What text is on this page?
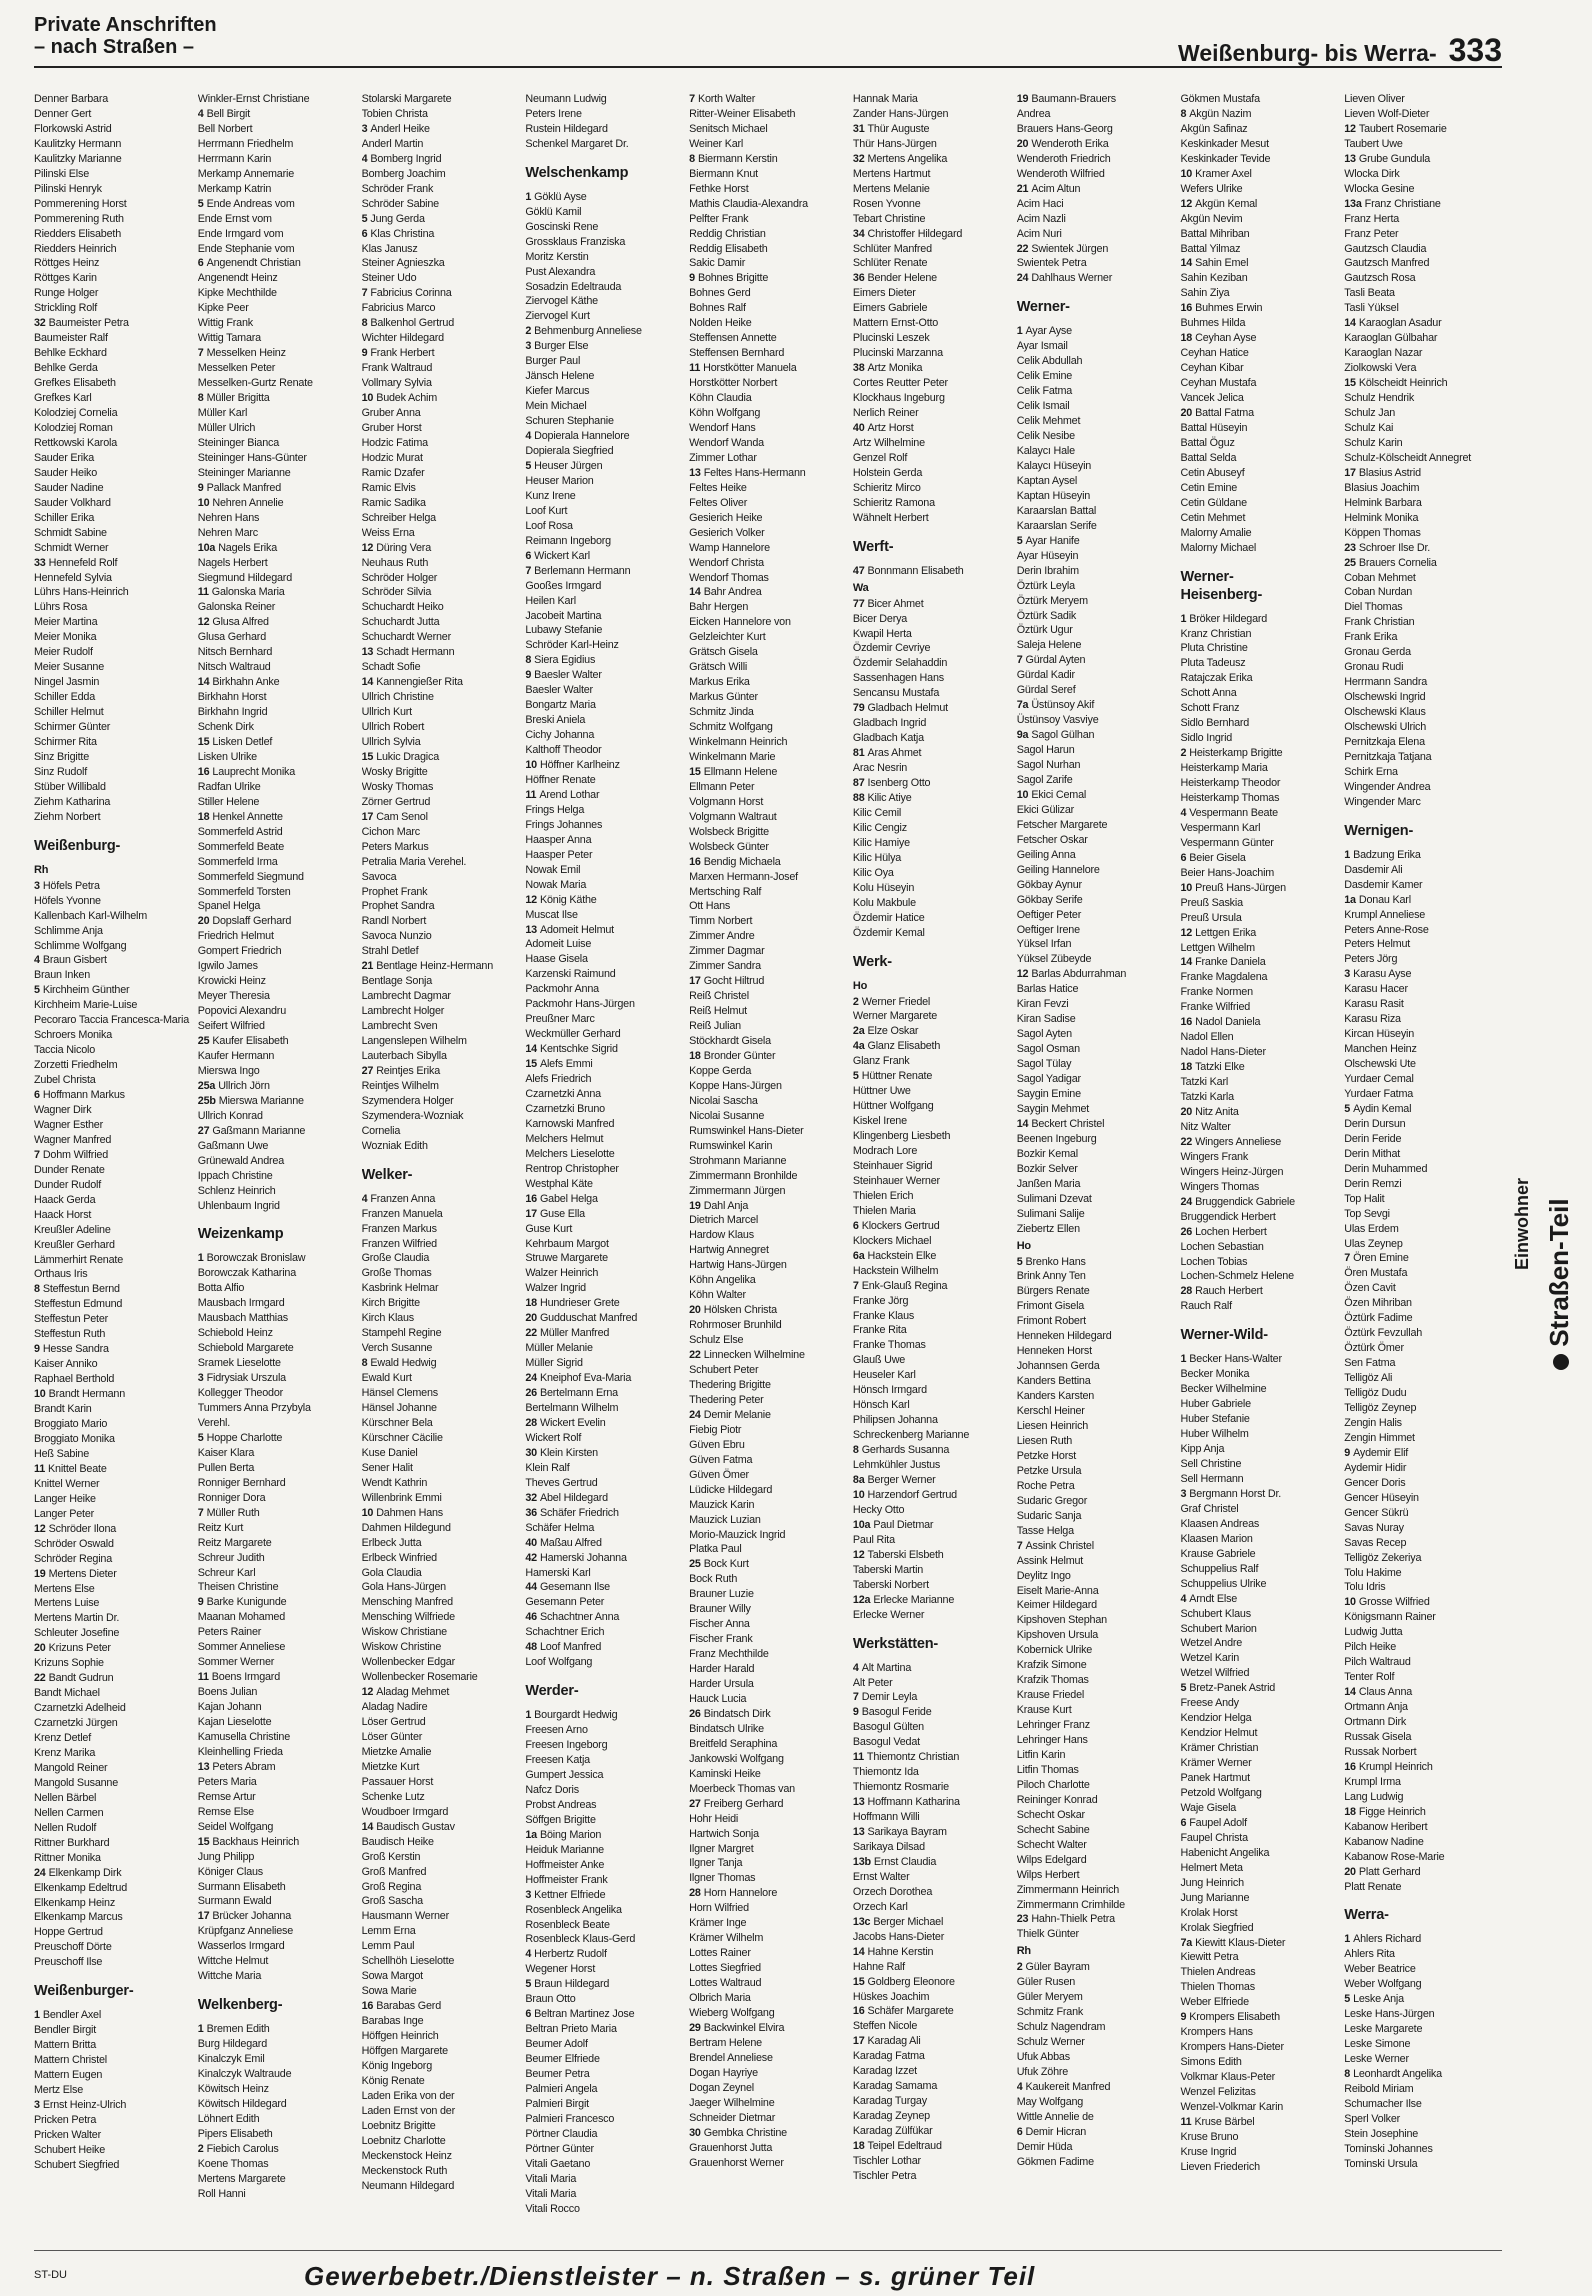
Private Anschriften
– nach Straßen –	Weißenburg- bis Werra- 333
Denner Barbara
Denner Gert
Florkowski Astrid
Kaulitzky Hermann
Kaulitzky Marianne
Pilinski Else
Pilinski Henryk
Pommerening Horst
Pommerening Ruth
Riedders Elisabeth
Riedders Heinrich
Röttges Heinz
Röttges Karin
Runge Holger
Strickling Rolf
32 Baumeister Petra
Baumeister Ralf
Behlke Eckhard
Behlke Gerda
Grefkes Elisabeth
Grefkes Karl
Kolodziej Cornelia
Kolodziej Roman
Rettkowski Karola
Sauder Erika
Sauder Heiko
Sauder Nadine
Sauder Volkhard
Schiller Erika
Schmidt Sabine
Schmidt Werner
33 Hennefeld Rolf
Hennefeld Sylvia
Lührs Hans-Heinrich
Lührs Rosa
Meier Martina
Meier Monika
Meier Rudolf
Meier Susanne
Ningel Jasmin
Schiller Edda
Schiller Helmut
Schirmer Günter
Schirmer Rita
Sinz Brigitte
Sinz Rudolf
Stüber Willibald
Ziehm Katharina
Ziehm Norbert
Weißenburg-
Rh
3 Höfels Petra
Höfels Yvonne
Kallenbach Karl-Wilhelm
Schlimme Anja
Schlimme Wolfgang
4 Braun Gisbert
Braun Inken
5 Kirchheim Günther
Kirchheim Marie-Luise
Pecoraro Taccia Francesca-Maria
Schroers Monika
Taccia Nicolo
Zorzetti Friedhelm
Zubel Christa
6 Hoffmann Markus
Wagner Dirk
Wagner Esther
Wagner Manfred
7 Dohm Wilfried
Dunder Renate
Dunder Rudolf
Haack Gerda
Haack Horst
Kreußler Adeline
Kreußler Gerhard
Lämmerhirt Renate
Orthaus Iris
8 Steffestun Bernd
Steffestun Edmund
Steffestun Peter
Steffestun Ruth
9 Hesse Sandra
Kaiser Anniko
Raphael Berthold
10 Brandt Hermann
Brandt Karin
Broggiato Mario
Broggiato Monika
Heß Sabine
11 Knittel Beate
Knittel Werner
Langer Heike
Langer Peter
12 Schröder Ilona
Schröder Oswald
Schröder Regina
19 Mertens Dieter
Mertens Else
Mertens Luise
Mertens Martin Dr.
Schleuter Josefine
20 Krizuns Peter
Krizuns Sophie
22 Bandt Gudrun
Bandt Michael
Czarnetzki Adelheid
Czarnetzki Jürgen
Krenz Detlef
Krenz Marika
Mangold Reiner
Mangold Susanne
Nellen Bärbel
Nellen Carmen
Nellen Rudolf
Rittner Burkhard
Rittner Monika
24 Elkenkamp Dirk
Elkenkamp Edeltrud
Elkenkamp Heinz
Elkenkamp Marcus
Hoppe Gertrud
Preuschoff Dörte
Preuschoff Ilse
Weißenburger-
1 Bendler Axel
Bendler Birgit
Mattern Britta
Mattern Christel
Mattern Eugen
Mertz Else
3 Ernst Heinz-Ulrich
Pricken Petra
Pricken Walter
Schubert Heike
Schubert Siegfried
Winkler-Ernst Christiane
4 Bell Birgit
Bell Norbert
Herrmann Friedhelm
Herrmann Karin
Merkamp Annemarie
Merkamp Katrin
5 Ende Andreas vom
Ende Ernst vom
Ende Irmgard vom
Ende Stephanie vom
6 Angenendt Christian
Angenendt Heinz
Kipke Mechthilde
Kipke Peer
Wittig Frank
Wittig Tamara
7 Messelken Heinz
Messelken Peter
Messelken-Gurtz Renate
8 Müller Brigitta
Müller Karl
Müller Ulrich
Steininger Bianca
Steininger Hans-Günter
Steininger Marianne
9 Pallack Manfred
10 Nehren Annelie
Nehren Hans
Nehren Marc
10a Nagels Erika
Nagels Herbert
Siegmund Hildegard
11 Galonska Maria
Galonska Reiner
12 Glusa Alfred
Glusa Gerhard
Nitsch Bernhard
Nitsch Waltraud
14 Birkhahn Anke
Birkhahn Horst
Birkhahn Ingrid
Schenk Dirk
15 Lisken Detlef
Lisken Ulrike
16 Lauprecht Monika
Radfan Ulrike
Stiller Helene
18 Henkel Annette
Sommerfeld Astrid
Sommerfeld Beate
Sommerfeld Irma
Sommerfeld Siegmund
Sommerfeld Torsten
Spanel Helga
20 Dopslaff Gerhard
Friedrich Helmut
Gompert Friedrich
Igwilo James
Krowicki Heinz
Meyer Theresia
Popovici Alexandru
Seifert Wilfried
25 Kaufer Elisabeth
Kaufer Hermann
Mierswa Ingo
25a Ullrich Jörn
25b Mierswa Marianne
Ullrich Konrad
27 Gaßmann Marianne
Gaßmann Uwe
Grünewald Andrea
Ippach Christine
Schlenz Heinrich
Uhlenbaum Ingrid
Weizenkamp
1 Borowczak Bronislaw
Borowczak Katharina
Botta Alfio
Mausbach Irmgard
Mausbach Matthias
Schiebold Heinz
Schiebold Margarete
Sramek Lieselotte
3 Fidrysiak Urszula
Kollegger Theodor
Tummers Anna Przybyla
Verehl.
5 Hoppe Charlotte
Kaiser Klara
Pullen Berta
Ronniger Bernhard
Ronniger Dora
7 Müller Ruth
Reitz Kurt
Reitz Margarete
Schreur Judith
Schreur Karl
Theisen Christine
9 Barke Kunigunde
Maanan Mohamed
Peters Rainer
Sommer Anneliese
Sommer Werner
11 Boens Irmgard
Boens Julian
Kajan Johann
Kajan Lieselotte
Kamusella Christine
Kleinhelling Frieda
13 Peters Abram
Peters Maria
Remse Artur
Remse Else
Seidel Wolfgang
15 Backhaus Heinrich
Jung Philipp
Königer Claus
Surmann Elisabeth
Surmann Ewald
17 Brücker Johanna
Krüpfganz Anneliese
Wasserlos Irmgard
Wittche Helmut
Wittche Maria
Welkenberg-
1 Bremen Edith
Burg Hildegard
Kinalczyk Emil
Kinalczyk Waltraude
Köwitsch Heinz
Köwitsch Hildegard
Löhnert Edith
Pipers Elisabeth
2 Fiebich Carolus
Koene Thomas
Mertens Margarete
Roll Hanni
Stolarski Margarete
Tobien Christa
3 Anderl Heike
Anderl Martin
4 Bomberg Ingrid
Bomberg Joachim
Schröder Frank
Schröder Sabine
5 Jung Gerda
6 Klas Christina
Klas Janusz
Steiner Agnieszka
Steiner Udo
7 Fabricius Corinna
Fabricius Marco
8 Balkenhol Gertrud
Wichter Hildegard
9 Frank Herbert
Frank Waltraud
Vollmary Sylvia
10 Budek Achim
Gruber Anna
Gruber Horst
Hodzic Fatima
Hodzic Murat
Ramic Dzafer
Ramic Elvis
Ramic Sadika
Schreiber Helga
Weiss Erna
12 Düring Vera
Neuhaus Ruth
Schröder Holger
Schröder Silvia
Schuchardt Heiko
Schuchardt Jutta
Schuchardt Werner
13 Schadt Hermann
Schadt Sofie
14 Kannengießer Rita
Ullrich Christine
Ullrich Kurt
Ullrich Robert
Ullrich Sylvia
15 Lukic Dragica
Wosky Brigitte
Wosky Thomas
Zörner Gertrud
17 Cam Senol
Cichon Marc
Peters Markus
Petralia Maria Verehel.
Savoca
Prophet Frank
Prophet Sandra
Randl Norbert
Savoca Nunzio
Strahl Detlef
21 Bentlage Heinz-Hermann
Bentlage Sonja
Lambrecht Dagmar
Lambrecht Holger
Lambrecht Sven
Langenslepen Wilhelm
Lauterbach Sibylla
27 Reintjes Erika
Reintjes Wilhelm
Szymendera Holger
Szymendera-Wozniak
Cornelia
Wozniak Edith
Welker-
4 Franzen Anna
Franzen Manuela
Franzen Markus
Franzen Wilfried
Große Claudia
Große Thomas
Kasbrink Helmar
Kirch Brigitte
Kirch Klaus
Stampehl Regine
Verch Susanne
8 Ewald Hedwig
Ewald Kurt
Hänsel Clemens
Hänsel Johanne
Kürschner Bela
Kürschner Cäcilie
Kuse Daniel
Sener Halit
Wendt Kathrin
Willenbrink Emmi
10 Dahmen Hans
Dahmen Hildegund
Erlbeck Jutta
Erlbeck Winfried
Gola Claudia
Gola Hans-Jürgen
Mensching Manfred
Mensching Wilfriede
Wiskow Christiane
Wiskow Christine
Wollenbecker Edgar
Wollenbecker Rosemarie
12 Aladag Mehmet
Aladag Nadire
Löser Gertrud
Löser Günter
Mietzke Amalie
Mietzke Kurt
Passauer Horst
Schenke Lutz
Woudboer Irmgard
14 Baudisch Gustav
Baudisch Heike
Groß Kerstin
Groß Manfred
Groß Regina
Groß Sascha
Hausmann Werner
Lemm Erna
Lemm Paul
Schellhöh Lieselotte
Sowa Margot
Sowa Marie
16 Barabas Gerd
Barabas Inge
Höffgen Heinrich
Höffgen Margarete
König Ingeborg
König Renate
Laden Erika von der
Laden Ernst von der
Loebnitz Brigitte
Loebnitz Charlotte
Meckenstock Heinz
Meckenstock Ruth
Neumann Hildegard
Neumann Ludwig
Peters Irene
Rustein Hildegard
Schenkel Margaret Dr.
Welschenkamp
1 Göklü Ayse
Göklü Kamil
Goscinski Rene
Grossklaus Franziska
Moritz Kerstin
Pust Alexandra
Sosadzin Edeltrauda
Ziervogel Käthe
Ziervogel Kurt
2 Behmenburg Anneliese
3 Burger Else
Burger Paul
Jänsch Helene
Kiefer Marcus
Mein Michael
Schuren Stephanie
4 Dopierala Hannelore
Dopierala Siegfried
5 Heuser Jürgen
Heuser Marion
Kunz Irene
Loof Kurt
Loof Rosa
Reimann Ingeborg
6 Wickert Karl
7 Berlemann Hermann
Gooßes Irmgard
Heilen Karl
Jacobeit Martina
Lubawy Stefanie
Schröder Karl-Heinz
8 Siera Egidius
9 Baesler Walter
Baesler Walter
Bongartz Maria
Breski Aniela
Cichy Johanna
Kalthoff Theodor
10 Höffner Karlheinz
Höffner Renate
11 Arend Lothar
Frings Helga
Frings Johannes
Haasper Anna
Haasper Peter
Nowak Emil
Nowak Maria
12 König Käthe
Muscat Ilse
13 Adomeit Helmut
Adomeit Luise
Haase Gisela
Karzenski Raimund
Packmohr Anna
Packmohr Hans-Jürgen
Preußner Marc
Weckmüller Gerhard
14 Kentschke Sigrid
15 Alefs Emmi
Alefs Friedrich
Czarnetzki Anna
Czarnetzki Bruno
Karnowski Manfred
Melchers Helmut
Melchers Lieselotte
Rentrop Christopher
Westphal Käte
16 Gabel Helga
17 Guse Ella
Guse Kurt
Kehrbaum Margot
Struwe Margarete
Walzer Heinrich
Walzer Ingrid
18 Hundrieser Grete
20 Gudduschat Manfred
22 Müller Manfred
Müller Melanie
Müller Sigrid
24 Kneiphof Eva-Maria
26 Bertelmann Erna
Bertelmann Wilhelm
28 Wickert Evelin
Wickert Rolf
30 Klein Kirsten
Klein Ralf
Theves Gertrud
32 Abel Hildegard
36 Schäfer Friedrich
Schäfer Helma
40 Maßau Alfred
42 Hamerski Johanna
Hamerski Karl
44 Gesemann Ilse
Gesemann Peter
46 Schachtner Anna
Schachtner Erich
48 Loof Manfred
Loof Wolfgang
Werder-
1 Bourgardt Hedwig
Freesen Arno
Freesen Ingeborg
Freesen Katja
Gumpert Jessica
Nafcz Doris
Probst Andreas
Söffgen Brigitte
1a Böing Marion
Heiduk Marianne
Hoffmeister Anke
Hoffmeister Frank
3 Kettner Elfriede
Rosenbleck Angelika
Rosenbleck Beate
Rosenbleck Klaus-Gerd
4 Herbertz Rudolf
Wegener Horst
5 Braun Hildegard
Braun Otto
6 Beltran Martinez Jose
Beltran Prieto Maria
Beumer Adolf
Beumer Elfriede
Beumer Petra
Palmieri Angela
Palmieri Birgit
Palmieri Francesco
Pörtner Claudia
Pörtner Günter
Vitali Gaetano
Vitali Maria
Vitali Maria
Vitali Rocco
7 Korth Walter
Ritter-Weiner Elisabeth
Senitsch Michael
Weiner Karl
8 Biermann Kerstin
Biermann Knut
Fethke Horst
Mathis Claudia-Alexandra
Pelfter Frank
Reddig Christian
Reddig Elisabeth
Sakic Damir
9 Bohnes Brigitte
Bohnes Gerd
Bohnes Ralf
Nolden Heike
Steffensen Annette
Steffensen Bernhard
11 Horstkötter Manuela
Horstkötter Norbert
Köhn Claudia
Köhn Wolfgang
Wendorf Hans
Wendorf Wanda
Zimmer Lothar
13 Feltes Hans-Hermann
Feltes Heike
Feltes Oliver
Gesierich Heike
Gesierich Volker
Wamp Hannelore
Wendorf Christa
Wendorf Thomas
14 Bahr Andrea
Bahr Hergen
Eicken Hannelore von
Gelzleichter Kurt
Grätsch Gisela
Grätsch Willi
Markus Erika
Markus Günter
Schmitz Jinda
Schmitz Wolfgang
Winkelmann Heinrich
Winkelmann Marie
15 Ellmann Helene
Ellmann Peter
Volgmann Horst
Volgmann Waltraut
Wolsbeck Brigitte
Wolsbeck Günter
16 Bendig Michaela
Marxen Hermann-Josef
Mertsching Ralf
Ott Hans
Timm Norbert
Zimmer Andre
Zimmer Dagmar
Zimmer Sandra
17 Gocht Hiltrud
Reiß Christel
Reiß Helmut
Reiß Julian
Stöckhardt Gisela
18 Bronder Günter
Koppe Gerda
Koppe Hans-Jürgen
Nicolai Sascha
Nicolai Susanne
Rumswinkel Hans-Dieter
Rumswinkel Karin
Strohmann Marianne
Zimmermann Bronhilde
Zimmermann Jürgen
19 Dahl Anja
Dietrich Marcel
Hardow Klaus
Hartwig Annegret
Hartwig Hans-Jürgen
Köhn Angelika
Köhn Walter
20 Hölsken Christa
Rohrmoser Brunhild
Schulz Else
22 Linnecken Wilhelmine
Schubert Peter
Thedering Brigitte
Thedering Peter
24 Demir Melanie
Fiebig Piotr
Güven Ebru
Güven Fatma
Güven Ömer
Lüdicke Hildegard
Mauzick Karin
Mauzick Luzian
Morio-Mauzick Ingrid
Platka Paul
25 Bock Kurt
Bock Ruth
Brauner Luzie
Brauner Willy
Fischer Anna
Fischer Frank
Franz Mechthilde
Harder Harald
Harder Ursula
Hauck Lucia
26 Bindatsch Dirk
Bindatsch Ulrike
Breitfeld Seraphina
Jankowski Wolfgang
Kaminski Heike
Moerbeck Thomas van
27 Freiberg Gerhard
Hohr Heidi
Hartwich Sonja
Ilgner Margret
Ilgner Tanja
Ilgner Thomas
28 Horn Hannelore
Horn Wilfried
Krämer Inge
Krämer Wilhelm
Lottes Rainer
Lottes Siegfried
Lottes Waltraud
Olbrich Maria
Wieberg Wolfgang
29 Backwinkel Elvira
Bertram Helene
Brendel Anneliese
Dogan Hayriye
Dogan Zeynel
Jaeger Wilhelmine
Schneider Dietmar
30 Gembka Christine
Grauenhorst Jutta
Grauenhorst Werner
Hannak Maria
Zander Hans-Jürgen
31 Thür Auguste
Thür Hans-Jürgen
32 Mertens Angelika
Mertens Hartmut
Mertens Melanie
Rosen Yvonne
Tebart Christine
34 Christoffer Hildegard
Schlüter Manfred
Schlüter Renate
36 Bender Helene
Eimers Dieter
Eimers Gabriele
Mattern Ernst-Otto
Plucinski Leszek
Plucinski Marzanna
38 Artz Monika
Cortes Reutter Peter
Klockhaus Ingeburg
Nerlich Reiner
40 Artz Horst
Artz Wilhelmine
Genzel Rolf
Holstein Gerda
Schieritz Mirco
Schieritz Ramona
Wähnelt Herbert
Werft-
47 Bonnmann Elisabeth
Wa
77 Bicer Ahmet
Bicer Derya
Kwapil Herta
Özdemir Cevriye
Özdemir Selahaddin
Sassenhagen Hans
Sencansu Mustafa
79 Gladbach Helmut
Gladbach Ingrid
Gladbach Katja
81 Aras Ahmet
Arac Nesrin
87 Isenberg Otto
88 Kilic Atiye
Kilic Cemil
Kilic Cengiz
Kilic Hamiye
Kilic Hülya
Kilic Oya
Kolu Hüseyin
Kolu Makbule
Özdemir Hatice
Özdemir Kemal
Werk-
Ho
2 Werner Friedel
Werner Margarete
2a Elze Oskar
4a Glanz Elisabeth
Glanz Frank
5 Hüttner Renate
Hüttner Uwe
Hüttner Wolfgang
Kiskel Irene
Klingenberg Liesbeth
Modrach Lore
Steinhauer Sigrid
Steinhauer Werner
Thielen Erich
Thielen Maria
6 Klockers Gertrud
Klockers Michael
6a Hackstein Elke
Hackstein Wilhelm
7 Enk-Glauß Regina
Franke Jörg
Franke Klaus
Franke Rita
Franke Thomas
Glauß Uwe
Heuseler Karl
Hönsch Irmgard
Hönsch Karl
Philipsen Johanna
Schreckenberg Marianne
8 Gerhards Susanna
Lehmkühler Justus
8a Berger Werner
10 Harzendorf Gertrud
Hecky Otto
10a Paul Dietmar
Paul Rita
12 Taberski Elsbeth
Taberski Martin
Taberski Norbert
12a Erlecke Marianne
Erlecke Werner
Werkstätten-
4 Alt Martina
Alt Peter
7 Demir Leyla
9 Basogul Feride
Basogul Gülten
Basogul Vedat
11 Thiemontz Christian
Thiemontz Ida
Thiemontz Rosmarie
13 Hoffmann Katharina
Hoffmann Willi
13 Sarikaya Bayram
Sarikaya Dilsad
13b Ernst Claudia
Ernst Walter
Orzech Dorothea
Orzech Karl
13c Berger Michael
Jacobs Hans-Dieter
14 Hahne Kerstin
Hahne Ralf
15 Goldberg Eleonore
Hüskes Joachim
16 Schäfer Margarete
Steffen Nicole
17 Karadag Ali
Karadag Fatma
Karadag Izzet
Karadag Samama
Karadag Turgay
Karadag Zeynep
Karadag Zülfükar
18 Teipel Edeltraud
Tischler Lothar
Tischler Petra
19 Baumann-Brauers
Andrea
Brauers Hans-Georg
20 Wenderoth Erika
Wenderoth Friedrich
Wenderoth Wilfried
21 Acim Altun
Acim Haci
Acim Nazli
Acim Nuri
22 Swientek Jürgen
Swientek Petra
24 Dahlhaus Werner
Werner-
1 Ayar Ayse
Ayar Ismail
Celik Abdullah
Celik Emine
Celik Fatma
Celik Ismail
Celik Mehmet
Celik Nesibe
Kalaycı Hale
Kalaycı Hüseyin
Kaptan Aysel
Kaptan Hüseyin
Karaarslan Battal
Karaarslan Serife
5 Ayar Hanife
Ayar Hüseyin
Derin Ibrahim
Öztürk Leyla
Öztürk Meryem
Öztürk Sadik
Öztürk Ugur
Saleja Helene
7 Gürdal Ayten
Gürdal Kadir
Gürdal Seref
7a Üstünsoy Akif
Üstünsoy Vasviye
9a Sagol Gülhan
Sagol Harun
Sagol Nurhan
Sagol Zarife
10 Ekici Cemal
Ekici Gülizar
Fetscher Margarete
Fetscher Oskar
Geiling Anna
Geiling Hannelore
Gökbay Aynur
Gökbay Serife
Oeftiger Peter
Oeftiger Irene
Yüksel Irfan
Yüksel Zübeyde
12 Barlas Abdurrahman
Barlas Hatice
Kiran Fevzi
Kiran Sadise
Sagol Ayten
Sagol Osman
Sagol Tülay
Sagol Yadigar
Saygin Emine
Saygin Mehmet
14 Beckert Christel
Beenen Ingeburg
Bozkir Kemal
Bozkir Selver
Janßen Maria
Sulimani Dzevat
Sulimani Salije
Ziebertz Ellen
Ho
5 Brenko Hans
Brink Anny Ten
Bürgers Renate
Frimont Gisela
Frimont Robert
Henneken Hildegard
Henneken Horst
Johannsen Gerda
Kanders Bettina
Kanders Karsten
Kerschl Heiner
Liesen Heinrich
Liesen Ruth
Petzke Horst
Petzke Ursula
Roche Petra
Sudaric Gregor
Sudaric Sanja
Tasse Helga
7 Assink Christel
Assink Helmut
Deylitz Ingo
Eiselt Marie-Anna
Keimer Hildegard
Kipshoven Stephan
Kipshoven Ursula
Kobernick Ulrike
Krafzik Simone
Krafzik Thomas
Krause Friedel
Krause Kurt
Lehringer Franz
Lehringer Hans
Litfin Karin
Litfin Thomas
Piloch Charlotte
Reininger Konrad
Schecht Oskar
Schecht Sabine
Schecht Walter
Wilps Edelgard
Wilps Herbert
Zimmermann Heinrich
Zimmermann Crimhilde
23 Hahn-Thielk Petra
Thielk Günter
Rh
2 Güler Bayram
Güler Rusen
Güler Meryem
Schmitz Frank
Schulz Nagendram
Schulz Werner
Ufuk Abbas
Ufuk Zöhre
4 Kaukereit Manfred
May Wolfgang
Wittle Annelie de
6 Demir Hicran
Demir Hüda
Gökmen Fadime
Gökmen Mustafa
8 Akgün Nazim
Akgün Safinaz
Keskinkader Mesut
Keskinkader Tevide
10 Kramer Axel
Wefers Ulrike
12 Akgün Kemal
Akgün Nevim
Battal Mihriban
Battal Yilmaz
14 Sahin Emel
Sahin Keziban
Sahin Ziya
16 Buhmes Erwin
Buhmes Hilda
18 Ceyhan Ayse
Ceyhan Hatice
Ceyhan Kibar
Ceyhan Mustafa
Vancek Jelica
20 Battal Fatma
Battal Hüseyin
Battal Öguz
Battal Selda
Cetin Abuseyf
Cetin Emine
Cetin Güldane
Cetin Mehmet
Malorny Amalie
Malorny Michael
Werner-
Heisenberg-
1 Bröker Hildegard
Kranz Christian
Pluta Christine
Pluta Tadeusz
Ratajczak Erika
Schott Anna
Schott Franz
Sidlo Bernhard
Sidlo Ingrid
2 Heisterkamp Brigitte
Heisterkamp Maria
Heisterkamp Theodor
Heisterkamp Thomas
4 Vespermann Beate
Vespermann Karl
Vespermann Günter
6 Beier Gisela
Beier Hans-Joachim
10 Preuß Hans-Jürgen
Preuß Saskia
Preuß Ursula
12 Lettgen Erika
Lettgen Wilhelm
14 Franke Daniela
Franke Magdalena
Franke Normen
Franke Wilfried
16 Nadol Daniela
Nadol Ellen
Nadol Hans-Dieter
18 Tatzki Elke
Tatzki Karl
Tatzki Karla
20 Nitz Anita
Nitz Walter
22 Wingers Anneliese
Wingers Frank
Wingers Heinz-Jürgen
Wingers Thomas
24 Bruggendick Gabriele
Bruggendick Herbert
26 Lochen Herbert
Lochen Sebastian
Lochen Tobias
Lochen-Schmelz Helene
28 Rauch Herbert
Rauch Ralf
Werner-Wild-
1 Becker Hans-Walter
Becker Monika
Becker Wilhelmine
Huber Gabriele
Huber Stefanie
Huber Wilhelm
Kipp Anja
Sell Christine
Sell Hermann
3 Bergmann Horst Dr.
Graf Christel
Klaasen Andreas
Klaasen Marion
Krause Gabriele
Schuppelius Ralf
Schuppelius Ulrike
4 Arndt Else
Schubert Klaus
Schubert Marion
Wetzel Andre
Wetzel Karin
Wetzel Wilfried
5 Bretz-Panek Astrid
Freese Andy
Kendzior Helga
Kendzior Helmut
Krämer Christian
Krämer Werner
Panek Hartmut
Petzold Wolfgang
Waje Gisela
6 Faupel Adolf
Faupel Christa
Habenicht Angelika
Helmert Meta
Jung Heinrich
Jung Marianne
Krolak Horst
Krolak Siegfried
7a Kiewitt Klaus-Dieter
Kiewitt Petra
Thielen Andreas
Thielen Thomas
Weber Elfriede
9 Krompers Elisabeth
Krompers Hans
Krompers Hans-Dieter
Simons Edith
Volkmar Klaus-Peter
Wenzel Felizitas
Wenzel-Volkmar Karin
11 Kruse Bärbel
Kruse Bruno
Kruse Ingrid
Lieven Friederich
Lieven Oliver
Lieven Wolf-Dieter
12 Taubert Rosemarie
Taubert Uwe
13 Grube Gundula
Wlocka Dirk
Wlocka Gesine
13a Franz Christiane
Franz Herta
Franz Peter
Gautzsch Claudia
Gautzsch Manfred
Gautzsch Rosa
Tasli Beata
Tasli Yüksel
14 Karaoglan Asadur
Karaoglan Gülbahar
Karaoglan Nazar
Ziolkowski Vera
15 Kölscheidt Heinrich
Schulz Hendrik
Schulz Jan
Schulz Kai
Schulz Karin
Schulz-Kölscheidt Annegret
17 Blasius Astrid
Blasius Joachim
Helmink Barbara
Helmink Monika
Köppen Thomas
23 Schroer Ilse Dr.
25 Brauers Cornelia
Coban Mehmet
Coban Nurdan
Diel Thomas
Frank Christian
Frank Erika
Gronau Gerda
Gronau Rudi
Herrmann Sandra
Olschewski Ingrid
Olschewski Klaus
Olschewski Ulrich
Pernitzkaja Elena
Pernitzkaja Tatjana
Schirk Erna
Wingender Andrea
Wingender Marc
Wernigen-
1 Badzung Erika
Dasdemir Ali
Dasdemir Kamer
1a Donau Karl
Krumpl Anneliese
Peters Anne-Rose
Peters Helmut
Peters Jörg
3 Karasu Ayse
Karasu Hacer
Karasu Rasit
Karasu Riza
Kircan Hüseyin
Manchen Heinz
Olschewski Ute
Yurdaer Cemal
Yurdaer Fatma
5 Aydin Kemal
Derin Dursun
Derin Feride
Derin Mithat
Derin Muhammed
Derin Remzi
Top Halit
Top Sevgi
Ulas Erdem
Ulas Zeynep
7 Ören Emine
Ören Mustafa
Özen Cavit
Özen Mihriban
Öztürk Fadime
Öztürk Fevzullah
Öztürk Ömer
Sen Fatma
Telligöz Ali
Telligöz Dudu
Telligöz Zeynep
Zengin Halis
Zengin Himmet
9 Aydemir Elif
Aydemir Hidir
Gencer Doris
Gencer Hüseyin
Gencer Sükrü
Savas Nuray
Savas Recep
Telligöz Zekeriya
Tolu Hakime
Tolu Idris
10 Grosse Wilfried
Königsmann Rainer
Ludwig Jutta
Pilch Heike
Pilch Waltraud
Tenter Rolf
14 Claus Anna
Ortmann Anja
Ortmann Dirk
Russak Gisela
Russak Norbert
16 Krumpl Heinrich
Krumpl Irma
Lang Ludwig
18 Figge Heinrich
Kabanow Heribert
Kabanow Nadine
Kabanow Rose-Marie
20 Platt Gerhard
Platt Renate
Werra-
1 Ahlers Richard
Ahlers Rita
Weber Beatrice
Weber Wolfgang
5 Leske Anja
Leske Hans-Jürgen
Leske Margarete
Leske Simone
Leske Werner
8 Leonhardt Angelika
Reibold Miriam
Schumacher Ilse
Sperl Volker
Stein Josephine
Tominski Johannes
Tominski Ursula
Einwohner Straßen-Teil
ST-DU	Gewerbebetr./Dienstleister – n. Straßen – s. grüner Teil
